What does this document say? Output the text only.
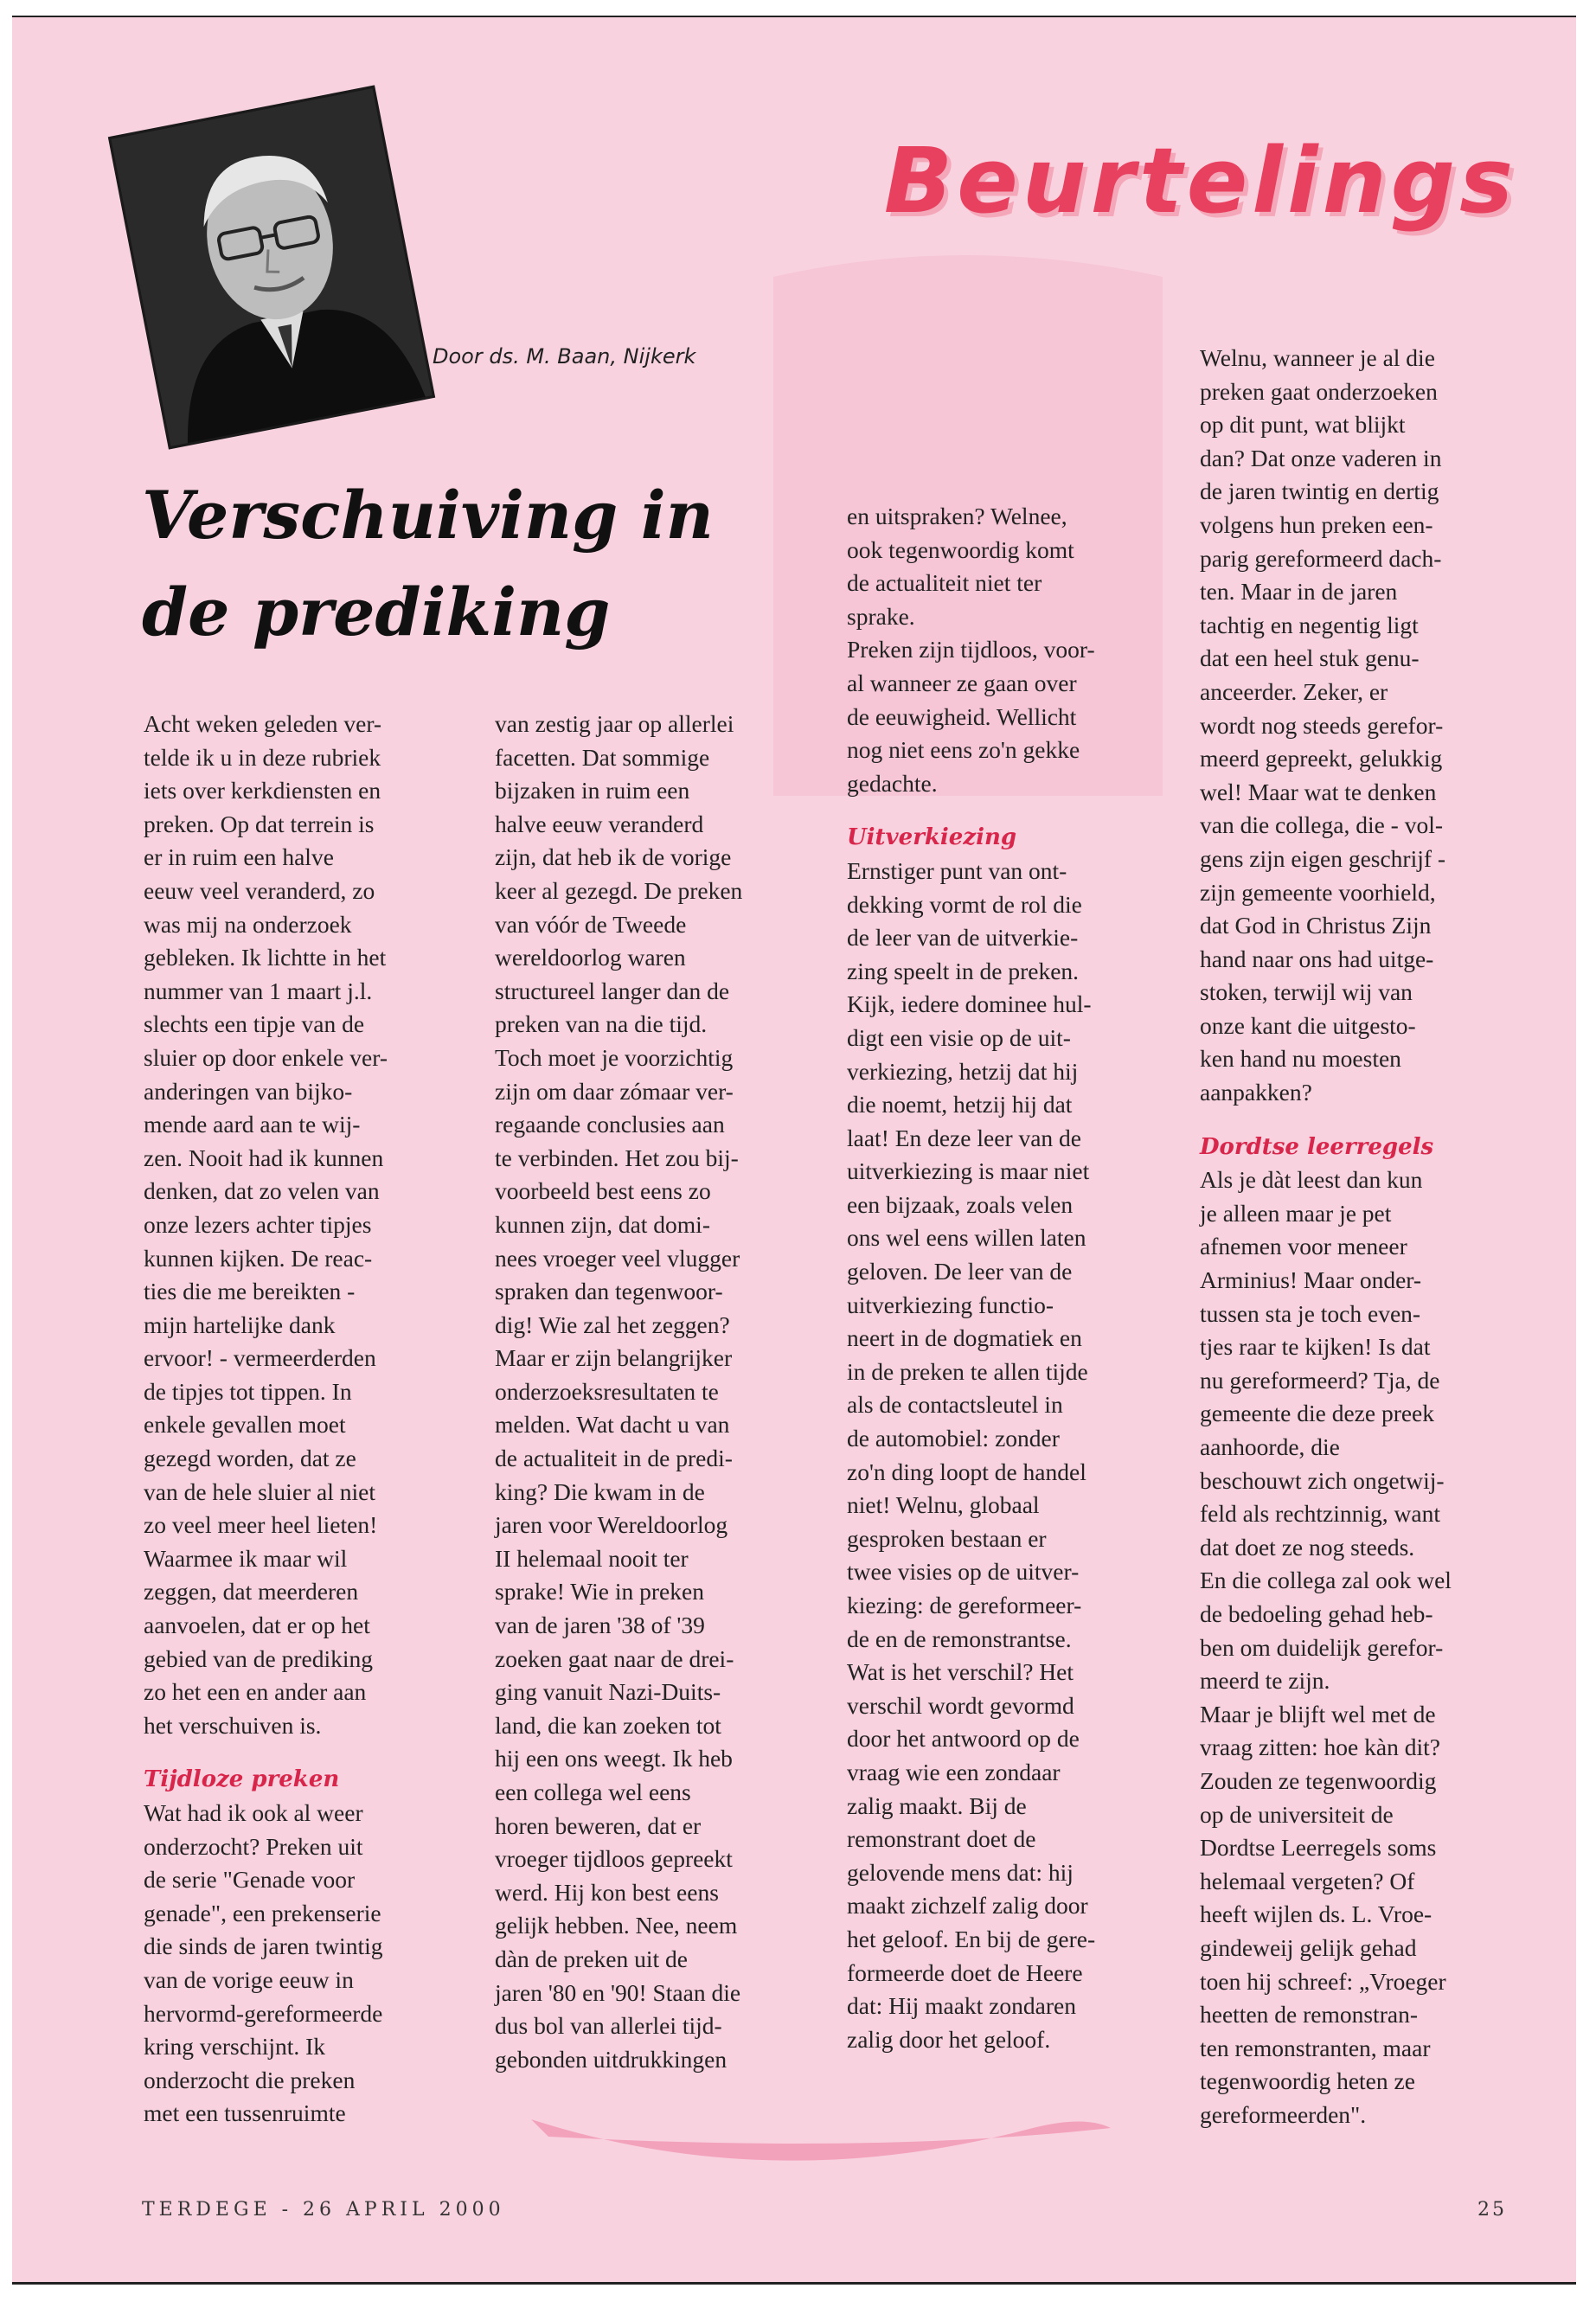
Beurtelings
Door ds. M. Baan, Nijkerk
Verschuiving in
de prediking
Acht weken geleden ver-
telde ik u in deze rubriek
iets over kerkdiensten en
preken. Op dat terrein is
er in ruim een halve
eeuw veel veranderd, zo
was mij na onderzoek
gebleken. Ik lichtte in het
nummer van 1 maart j.l.
slechts een tipje van de
sluier op door enkele ver-
anderingen van bijko-
mende aard aan te wij-
zen. Nooit had ik kunnen
denken, dat zo velen van
onze lezers achter tipjes
kunnen kijken. De reac-
ties die me bereikten -
mijn hartelijke dank
ervoor! - vermeerderden
de tipjes tot tippen. In
enkele gevallen moet
gezegd worden, dat ze
van de hele sluier al niet
zo veel meer heel lieten!
Waarmee ik maar wil
zeggen, dat meerderen
aanvoelen, dat er op het
gebied van de prediking
zo het een en ander aan
het verschuiven is.
Tijdloze preken
Wat had ik ook al weer
onderzocht? Preken uit
de serie "Genade voor
genade", een prekenserie
die sinds de jaren twintig
van de vorige eeuw in
hervormd-gereformeerde
kring verschijnt. Ik
onderzocht die preken
met een tussenruimte
van zestig jaar op allerlei
facetten. Dat sommige
bijzaken in ruim een
halve eeuw veranderd
zijn, dat heb ik de vorige
keer al gezegd. De preken
van vóór de Tweede
wereldoorlog waren
structureel langer dan de
preken van na die tijd.
Toch moet je voorzichtig
zijn om daar zómaar ver-
regaande conclusies aan
te verbinden. Het zou bij-
voorbeeld best eens zo
kunnen zijn, dat domi-
nees vroeger veel vlugger
spraken dan tegenwoor-
dig! Wie zal het zeggen?
Maar er zijn belangrijker
onderzoeksresultaten te
melden. Wat dacht u van
de actualiteit in de predi-
king? Die kwam in de
jaren voor Wereldoorlog
II helemaal nooit ter
sprake! Wie in preken
van de jaren '38 of '39
zoeken gaat naar de drei-
ging vanuit Nazi-Duits-
land, die kan zoeken tot
hij een ons weegt. Ik heb
een collega wel eens
horen beweren, dat er
vroeger tijdloos gepreekt
werd. Hij kon best eens
gelijk hebben. Nee, neem
dàn de preken uit de
jaren '80 en '90! Staan die
dus bol van allerlei tijd-
gebonden uitdrukkingen
en uitspraken? Welnee,
ook tegenwoordig komt
de actualiteit niet ter
sprake.
Preken zijn tijdloos, voor-
al wanneer ze gaan over
de eeuwigheid. Wellicht
nog niet eens zo'n gekke
gedachte.
Uitverkiezing
Ernstiger punt van ont-
dekking vormt de rol die
de leer van de uitverkie-
zing speelt in de preken.
Kijk, iedere dominee hul-
digt een visie op de uit-
verkiezing, hetzij dat hij
die noemt, hetzij hij dat
laat! En deze leer van de
uitverkiezing is maar niet
een bijzaak, zoals velen
ons wel eens willen laten
geloven. De leer van de
uitverkiezing functio-
neert in de dogmatiek en
in de preken te allen tijde
als de contactsleutel in
de automobiel: zonder
zo'n ding loopt de handel
niet! Welnu, globaal
gesproken bestaan er
twee visies op de uitver-
kiezing: de gereformeer-
de en de remonstrantse.
Wat is het verschil? Het
verschil wordt gevormd
door het antwoord op de
vraag wie een zondaar
zalig maakt. Bij de
remonstrant doet de
gelovende mens dat: hij
maakt zichzelf zalig door
het geloof. En bij de gere-
formeerde doet de Heere
dat: Hij maakt zondaren
zalig door het geloof.
Welnu, wanneer je al die
preken gaat onderzoeken
op dit punt, wat blijkt
dan? Dat onze vaderen in
de jaren twintig en dertig
volgens hun preken een-
parig gereformeerd dach-
ten. Maar in de jaren
tachtig en negentig ligt
dat een heel stuk genu-
anceerder. Zeker, er
wordt nog steeds gerefor-
meerd gepreekt, gelukkig
wel! Maar wat te denken
van die collega, die - vol-
gens zijn eigen geschrijf -
zijn gemeente voorhield,
dat God in Christus Zijn
hand naar ons had uitge-
stoken, terwijl wij van
onze kant die uitgesto-
ken hand nu moesten
aanpakken?
Dordtse leerregels
Als je dàt leest dan kun
je alleen maar je pet
afnemen voor meneer
Arminius! Maar onder-
tussen sta je toch even-
tjes raar te kijken! Is dat
nu gereformeerd? Tja, de
gemeente die deze preek
aanhoorde, die
beschouwt zich ongetwij-
feld als rechtzinnig, want
dat doet ze nog steeds.
En die collega zal ook wel
de bedoeling gehad heb-
ben om duidelijk gerefor-
meerd te zijn.
Maar je blijft wel met de
vraag zitten: hoe kàn dit?
Zouden ze tegenwoordig
op de universiteit de
Dordtse Leerregels soms
helemaal vergeten? Of
heeft wijlen ds. L. Vroe-
gindeweij gelijk gehad
toen hij schreef: „Vroeger
heetten de remonstran-
ten remonstranten, maar
tegenwoordig heten ze
gereformeerden".
TERDEGE - 26 APRIL 2000	25
